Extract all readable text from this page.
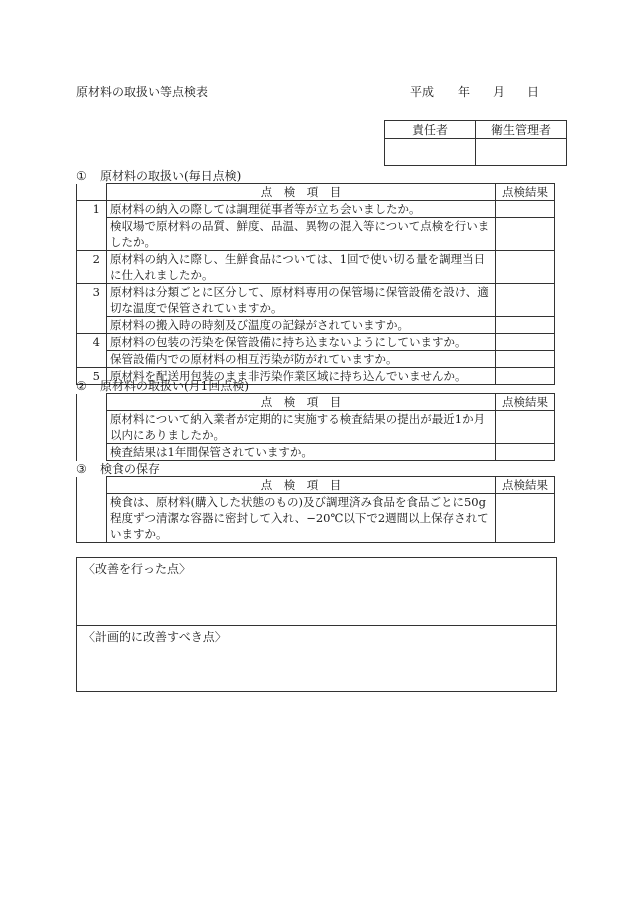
原材料の取扱い等点検表	平成 年 月 日
責任者	衛生管理者

① 原材料の取扱い(毎日点検)
	点　検　項　目	点検結果
1	原材料の納入の際しては調理従事者等が立ち会いましたか。	
	検収場で原材料の品質、鮮度、品温、異物の混入等について点検を行いましたか。	
2	原材料の納入に際し、生鮮食品については、1回で使い切る量を調理当日に仕入れましたか。	
3	原材料は分類ごとに区分して、原材料専用の保管場に保管設備を設け、適切な温度で保管されていますか。	
	原材料の搬入時の時刻及び温度の記録がされていますか。	
4	原材料の包装の汚染を保管設備に持ち込まないようにしていますか。	
	保管設備内での原材料の相互汚染が防がれていますか。	
5	原材料を配送用包装のまま非汚染作業区域に持ち込んでいませんか。	
② 原材料の取扱い(月1回点検)
	点　検　項　目	点検結果
	原材料について納入業者が定期的に実施する検査結果の提出が最近1か月以内にありましたか。	
	検査結果は1年間保管されていますか。	
③ 検食の保存
	点　検　項　目	点検結果
	検食は、原材料(購入した状態のもの)及び調理済み食品を食品ごとに50g程度ずつ清潔な容器に密封して入れ、−20℃以下で2週間以上保存されていますか。	
〈改善を行った点〉
〈計画的に改善すべき点〉
